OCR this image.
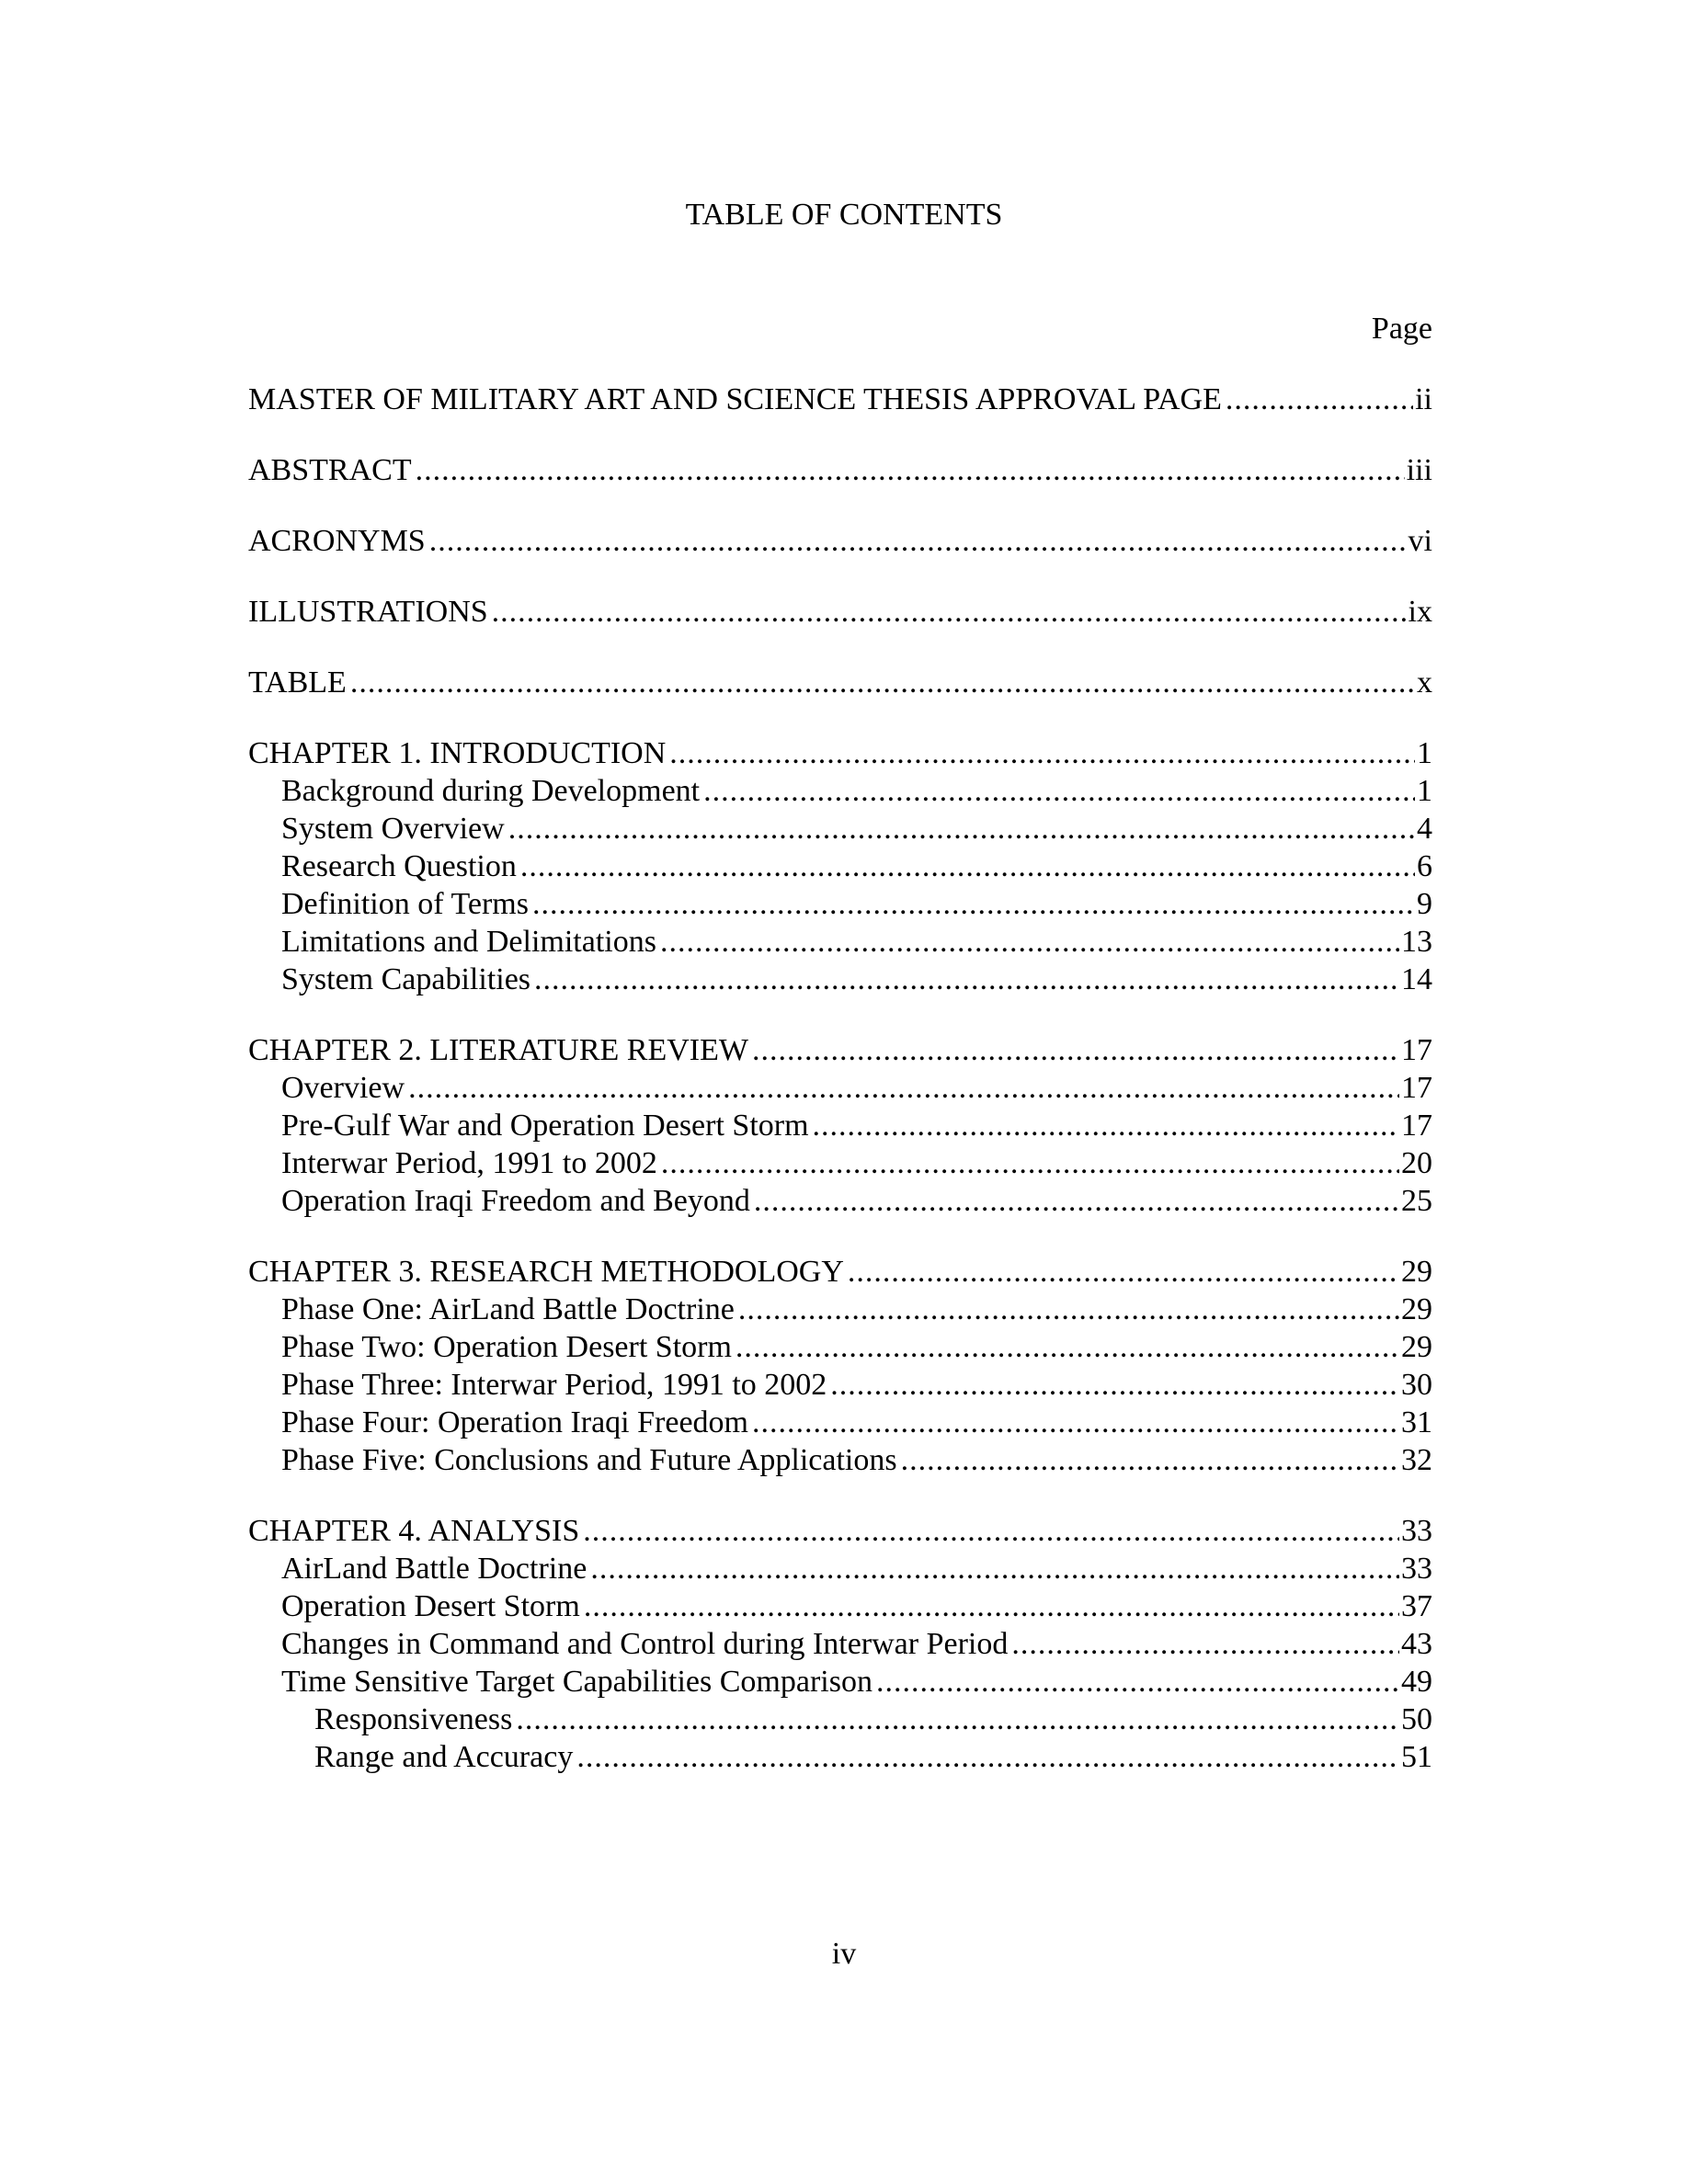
TABLE OF CONTENTS
Page
MASTER OF MILITARY ART AND SCIENCE THESIS APPROVAL PAGE .....	ii
ABSTRACT .....	iii
ACRONYMS .....	vi
ILLUSTRATIONS .....	ix
TABLE .....	x
CHAPTER 1. INTRODUCTION .....	1
Background during Development .....	1
System Overview .....	4
Research Question .....	6
Definition of Terms .....	9
Limitations and Delimitations .....	13
System Capabilities .....	14
CHAPTER 2. LITERATURE REVIEW .....	17
Overview .....	17
Pre-Gulf War and Operation Desert Storm .....	17
Interwar Period, 1991 to 2002 .....	20
Operation Iraqi Freedom and Beyond .....	25
CHAPTER 3. RESEARCH METHODOLOGY .....	29
Phase One: AirLand Battle Doctrine .....	29
Phase Two: Operation Desert Storm .....	29
Phase Three: Interwar Period, 1991 to 2002 .....	30
Phase Four: Operation Iraqi Freedom .....	31
Phase Five: Conclusions and Future Applications .....	32
CHAPTER 4. ANALYSIS .....	33
AirLand Battle Doctrine .....	33
Operation Desert Storm .....	37
Changes in Command and Control during Interwar Period .....	43
Time Sensitive Target Capabilities Comparison .....	49
Responsiveness .....	50
Range and Accuracy .....	51
iv
